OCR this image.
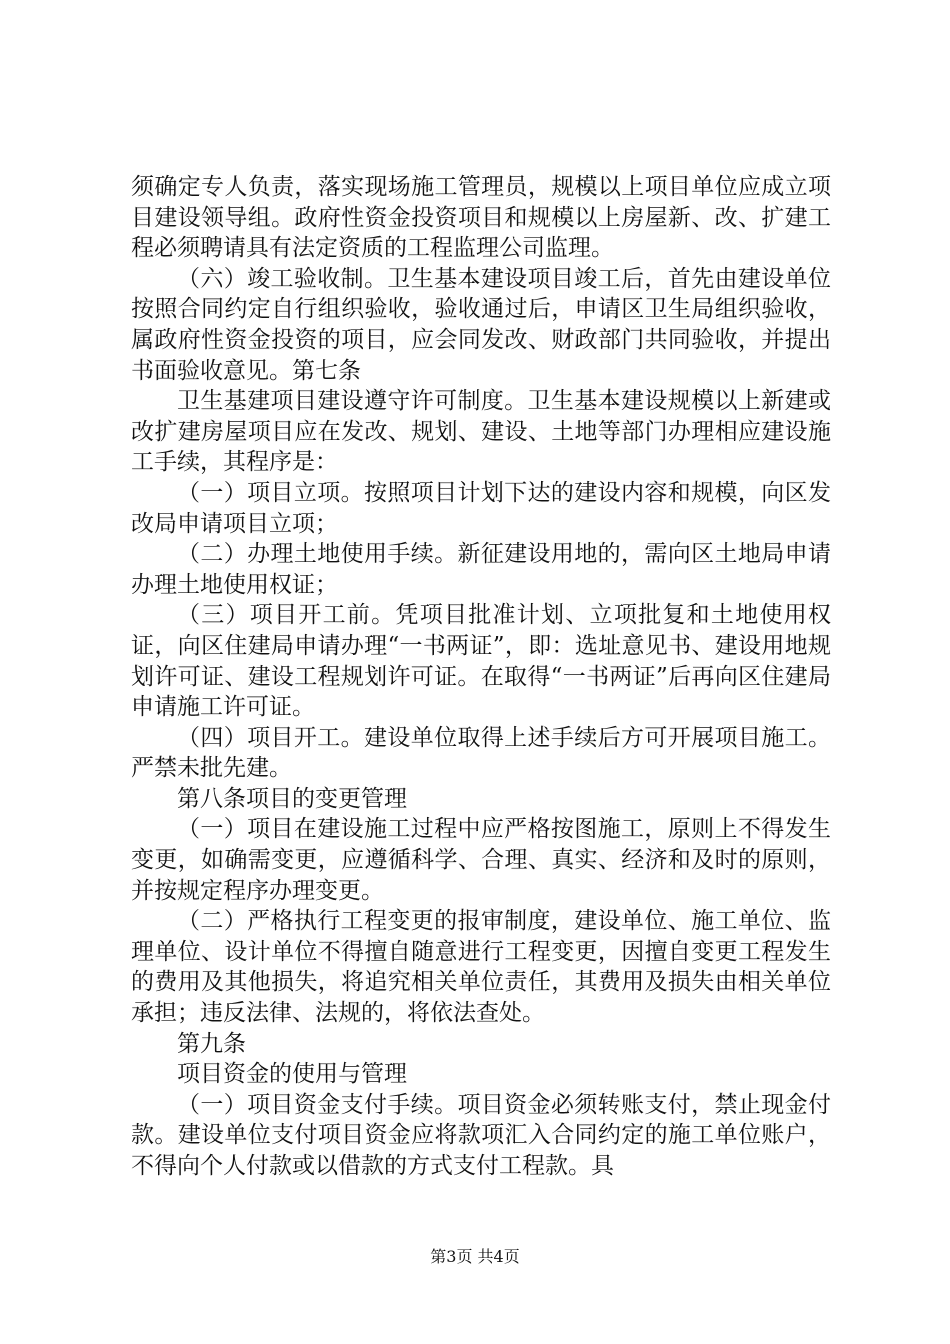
须确定专人负责，落实现场施工管理员，规模以上项目单位应成立项目建设领导组。政府性资金投资项目和规模以上房屋新、改、扩建工程必须聘请具有法定资质的工程监理公司监理。

（六）竣工验收制。卫生基本建设项目竣工后，首先由建设单位按照合同约定自行组织验收，验收通过后，申请区卫生局组织验收，属政府性资金投资的项目，应会同发改、财政部门共同验收，并提出书面验收意见。第七条

卫生基建项目建设遵守许可制度。卫生基本建设规模以上新建或改扩建房屋项目应在发改、规划、建设、土地等部门办理相应建设施工手续，其程序是：

（一）项目立项。按照项目计划下达的建设内容和规模，向区发改局申请项目立项；

（二）办理土地使用手续。新征建设用地的，需向区土地局申请办理土地使用权证；

（三）项目开工前。凭项目批准计划、立项批复和土地使用权证，向区住建局申请办理“一书两证”，即：选址意见书、建设用地规划许可证、建设工程规划许可证。在取得“一书两证”后再向区住建局申请施工许可证。

（四）项目开工。建设单位取得上述手续后方可开展项目施工。严禁未批先建。

第八条项目的变更管理

（一）项目在建设施工过程中应严格按图施工，原则上不得发生变更，如确需变更，应遵循科学、合理、真实、经济和及时的原则，并按规定程序办理变更。

（二）严格执行工程变更的报审制度，建设单位、施工单位、监理单位、设计单位不得擅自随意进行工程变更，因擅自变更工程发生的费用及其他损失，将追究相关单位责任，其费用及损失由相关单位承担；违反法律、法规的，将依法查处。

第九条

项目资金的使用与管理

（一）项目资金支付手续。项目资金必须转账支付，禁止现金付款。建设单位支付项目资金应将款项汇入合同约定的施工单位账户，不得向个人付款或以借款的方式支付工程款。具

第3页 共4页
